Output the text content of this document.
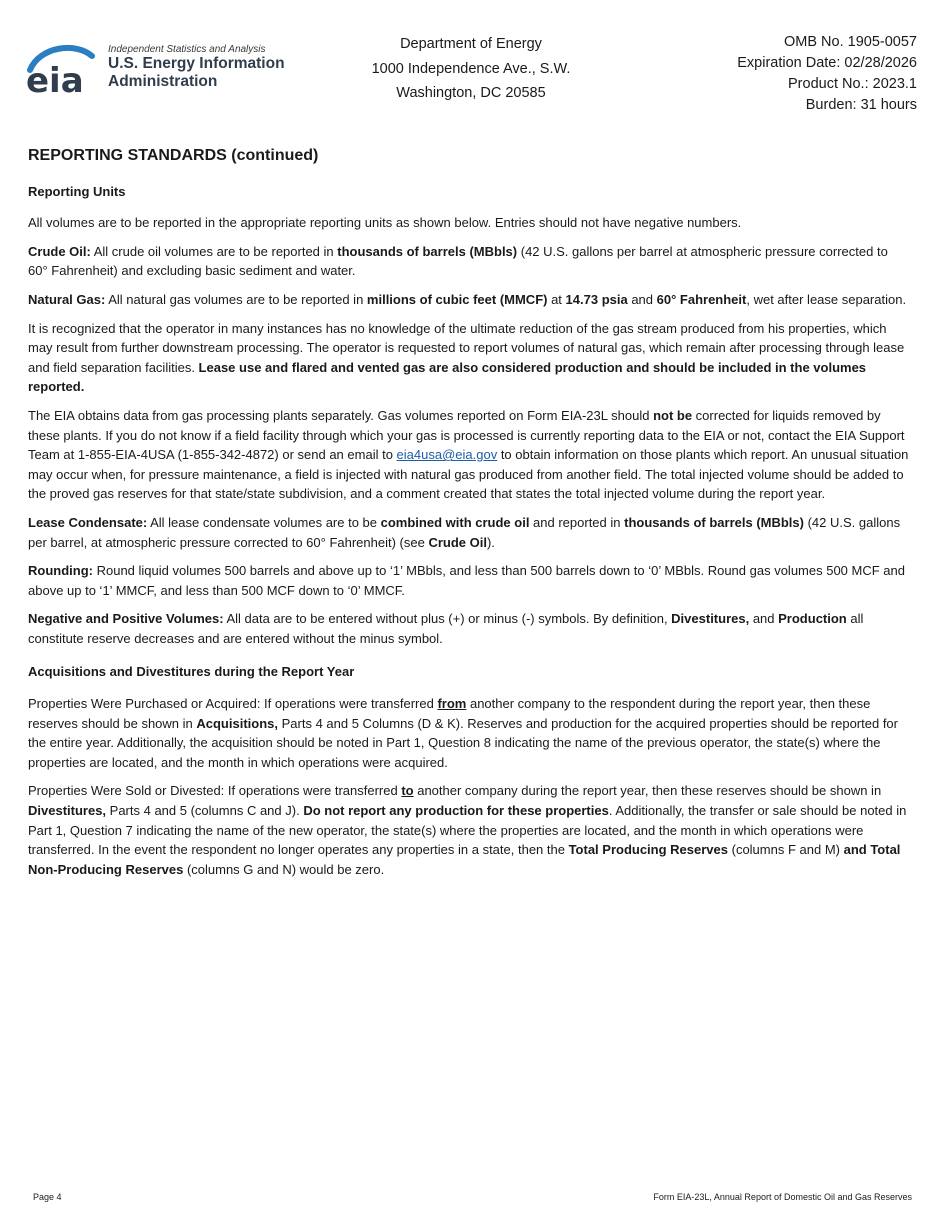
eia
Independent Statistics and Analysis
U.S. Energy Information
Administration
Department of Energy
1000 Independence Ave., S.W.
Washington, DC 20585
OMB No. 1905-0057
Expiration Date: 02/28/2026
Product No.: 2023.1
Burden: 31 hours
REPORTING STANDARDS (continued)
Reporting Units

All volumes are to be reported in the appropriate reporting units as shown below. Entries should not have negative numbers.

Crude Oil: All crude oil volumes are to be reported in thousands of barrels (MBbls) (42 U.S. gallons per barrel at atmospheric pressure corrected to 60° Fahrenheit) and excluding basic sediment and water.

Natural Gas: All natural gas volumes are to be reported in millions of cubic feet (MMCF) at 14.73 psia and 60° Fahrenheit, wet after lease separation.

It is recognized that the operator in many instances has no knowledge of the ultimate reduction of the gas stream produced from his properties, which may result from further downstream processing. The operator is requested to report volumes of natural gas, which remain after processing through lease and field separation facilities. Lease use and flared and vented gas are also considered production and should be included in the volumes reported.

The EIA obtains data from gas processing plants separately. Gas volumes reported on Form EIA-23L should not be corrected for liquids removed by these plants. If you do not know if a field facility through which your gas is processed is currently reporting data to the EIA or not, contact the EIA Support Team at 1-855-EIA-4USA (1-855-342-4872) or send an email to eia4usa@eia.gov to obtain information on those plants which report. An unusual situation may occur when, for pressure maintenance, a field is injected with natural gas produced from another field. The total injected volume should be added to the proved gas reserves for that state/state subdivision, and a comment created that states the total injected volume during the report year.

Lease Condensate: All lease condensate volumes are to be combined with crude oil and reported in thousands of barrels (MBbls) (42 U.S. gallons per barrel, at atmospheric pressure corrected to 60° Fahrenheit) (see Crude Oil).

Rounding: Round liquid volumes 500 barrels and above up to ‘1’ MBbls, and less than 500 barrels down to ‘0’ MBbls. Round gas volumes 500 MCF and above up to ‘1’ MMCF, and less than 500 MCF down to ‘0’ MMCF.

Negative and Positive Volumes: All data are to be entered without plus (+) or minus (-) symbols. By definition, Divestitures, and Production all constitute reserve decreases and are entered without the minus symbol.

Acquisitions and Divestitures during the Report Year

Properties Were Purchased or Acquired: If operations were transferred from another company to the respondent during the report year, then these reserves should be shown in Acquisitions, Parts 4 and 5 Columns (D & K). Reserves and production for the acquired properties should be reported for the entire year. Additionally, the acquisition should be noted in Part 1, Question 8 indicating the name of the previous operator, the state(s) where the properties are located, and the month in which operations were acquired.

Properties Were Sold or Divested: If operations were transferred to another company during the report year, then these reserves should be shown in Divestitures, Parts 4 and 5 (columns C and J). Do not report any production for these properties. Additionally, the transfer or sale should be noted in Part 1, Question 7 indicating the name of the new operator, the state(s) where the properties are located, and the month in which operations were transferred. In the event the respondent no longer operates any properties in a state, then the Total Producing Reserves (columns F and M) and Total Non-Producing Reserves (columns G and N) would be zero.

Page 4	Form EIA-23L, Annual Report of Domestic Oil and Gas Reserves
